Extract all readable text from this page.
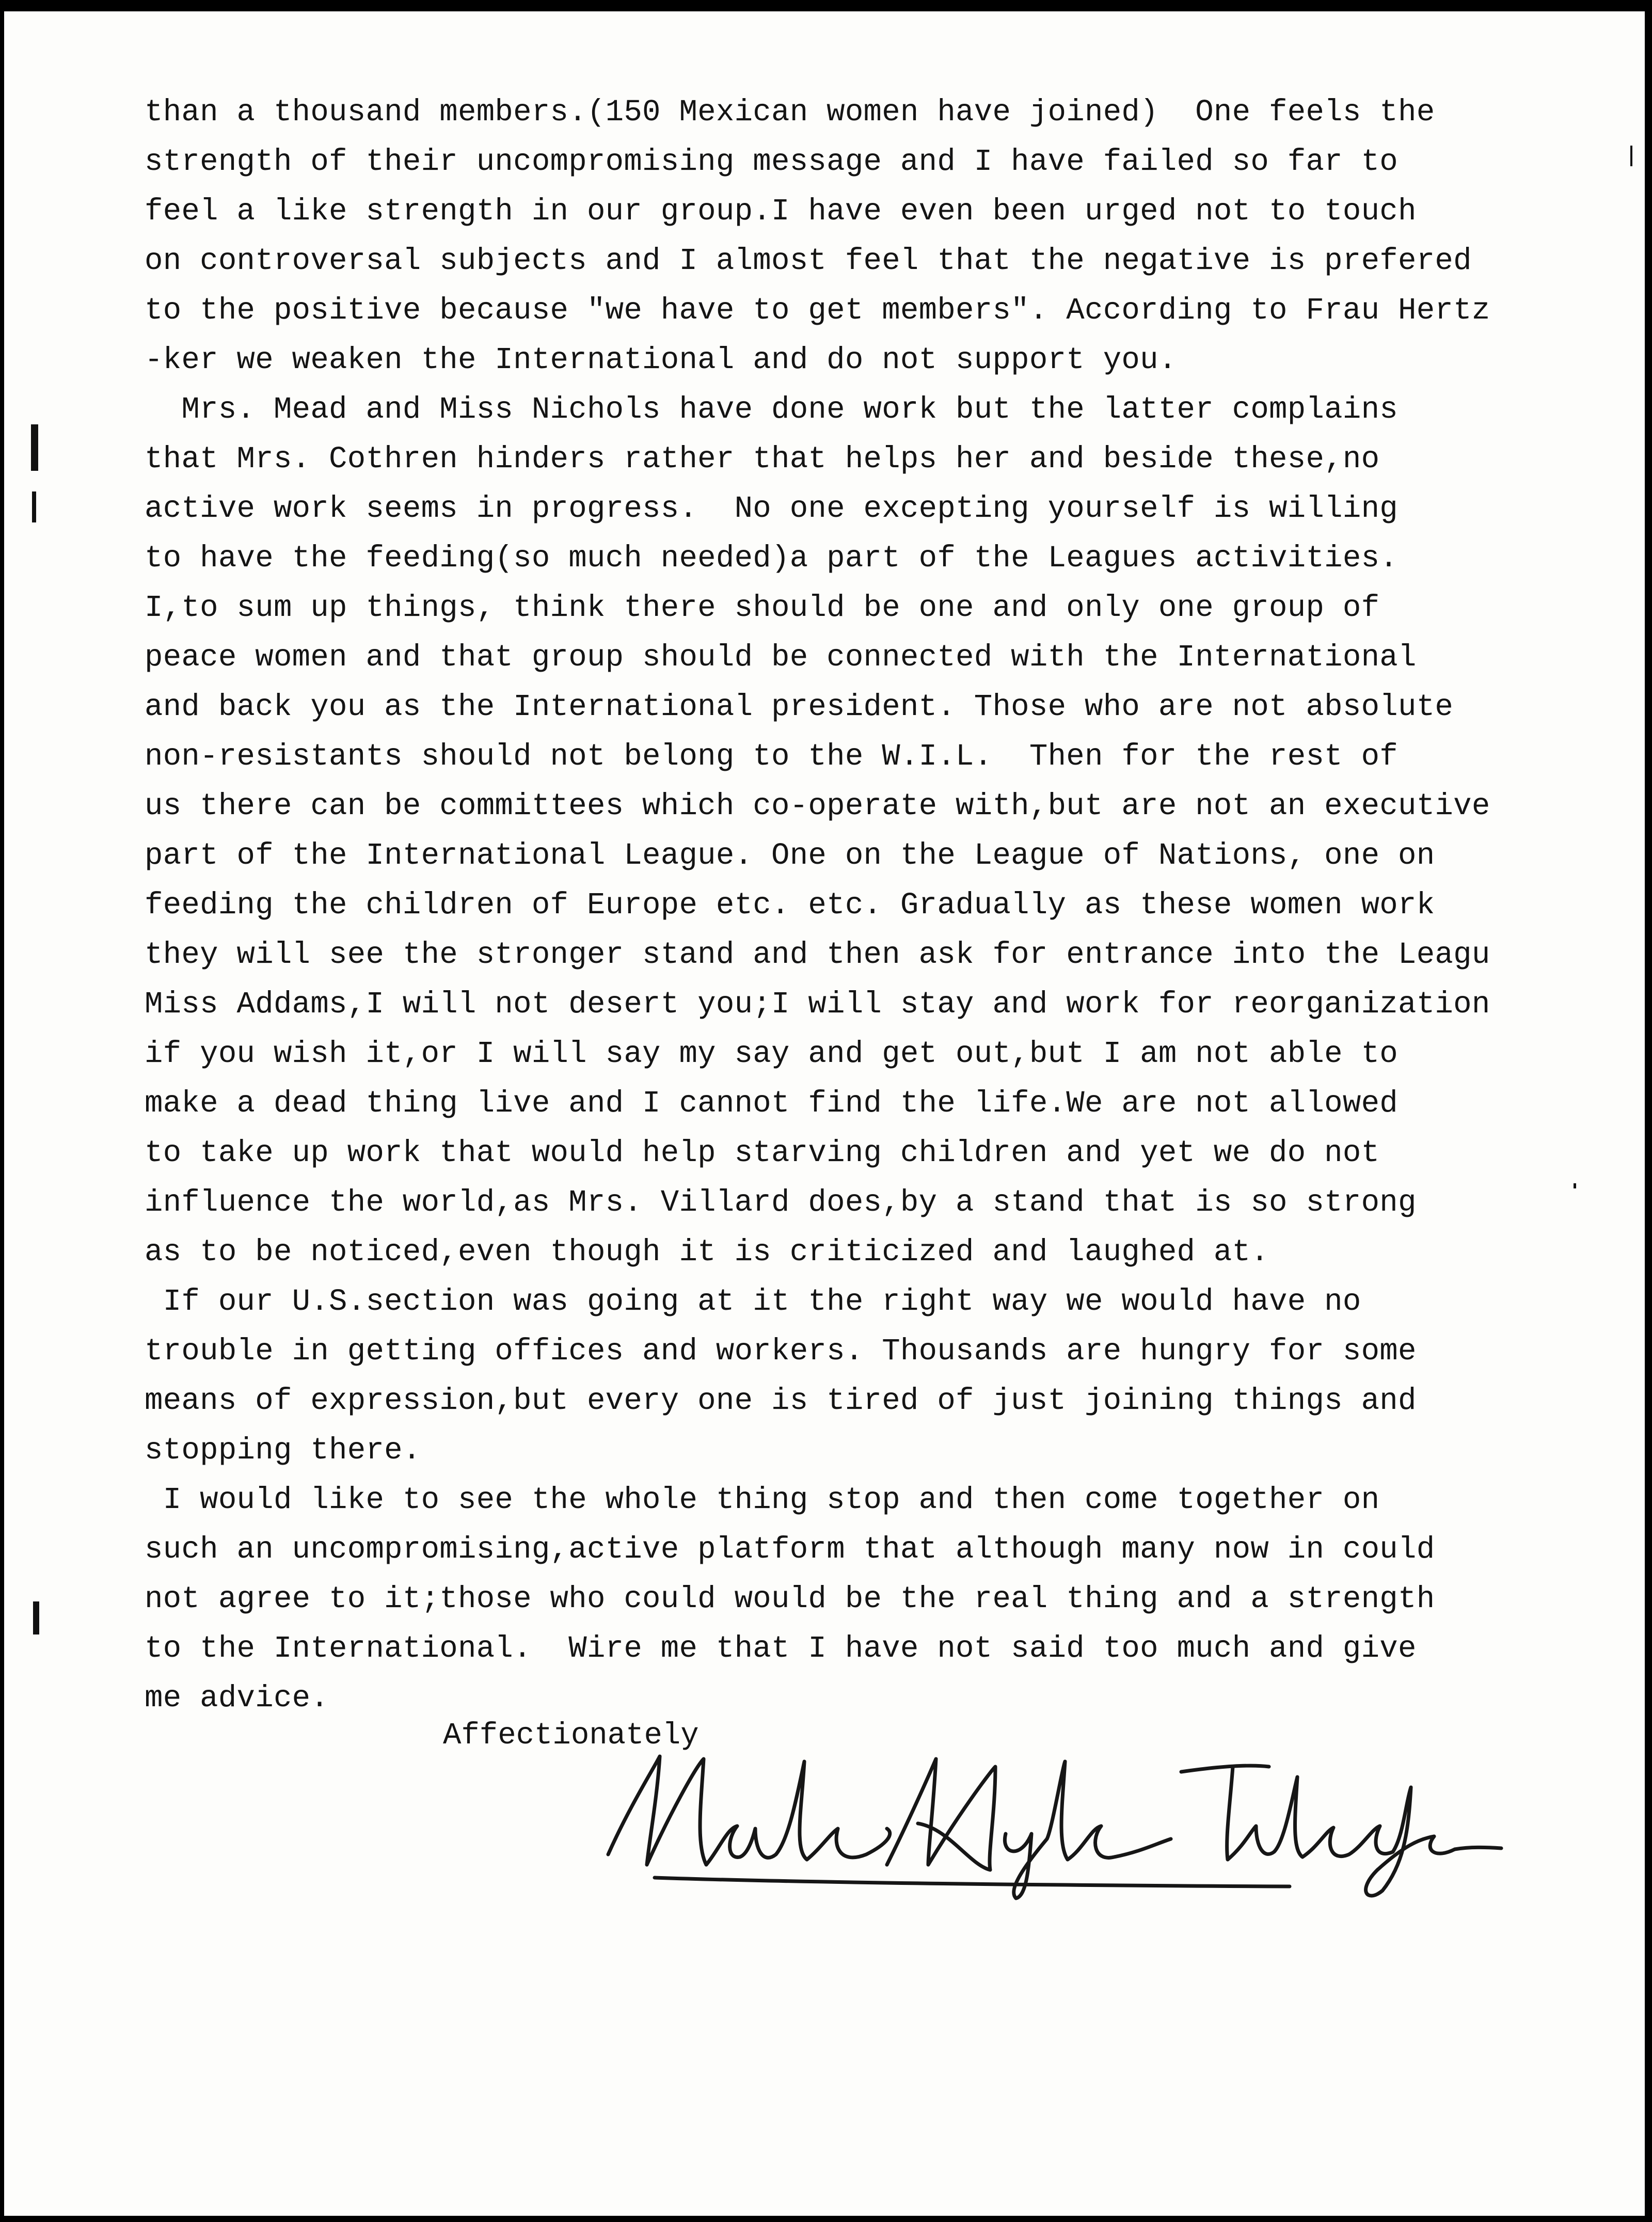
than a thousand members.(150 Mexican women have joined)  One feels the
strength of their uncompromising message and I have failed so far to
feel a like strength in our group.I have even been urged not to touch
on controversal subjects and I almost feel that the negative is prefered
to the positive because "we have to get members". According to Frau Hertz
-ker we weaken the International and do not support you.
Mrs. Mead and Miss Nichols have done work but the latter complains
that Mrs. Cothren hinders rather that helps her and beside these,no
active work seems in progress.  No one excepting yourself is willing
to have the feeding(so much needed)a part of the Leagues activities.
I,to sum up things, think there should be one and only one group of
peace women and that group should be connected with the International
and back you as the International president. Those who are not absolute
non-resistants should not belong to the W.I.L.  Then for the rest of
us there can be committees which co-operate with,but are not an executive
part of the International League. One on the League of Nations, one on
feeding the children of Europe etc. etc. Gradually as these women work
they will see the stronger stand and then ask for entrance into the Leagu
Miss Addams,I will not desert you;I will stay and work for reorganization
if you wish it,or I will say my say and get out,but I am not able to
make a dead thing live and I cannot find the life.We are not allowed
to take up work that would help starving children and yet we do not
influence the world,as Mrs. Villard does,by a stand that is so strong
as to be noticed,even though it is criticized and laughed at.
If our U.S.section was going at it the right way we would have no
trouble in getting offices and workers. Thousands are hungry for some
means of expression,but every one is tired of just joining things and
stopping there.
I would like to see the whole thing stop and then come together on
such an uncompromising,active platform that although many now in could
not agree to it;those who could would be the real thing and a strength
to the International.  Wire me that I have not said too much and give
me advice.
Affectionately
